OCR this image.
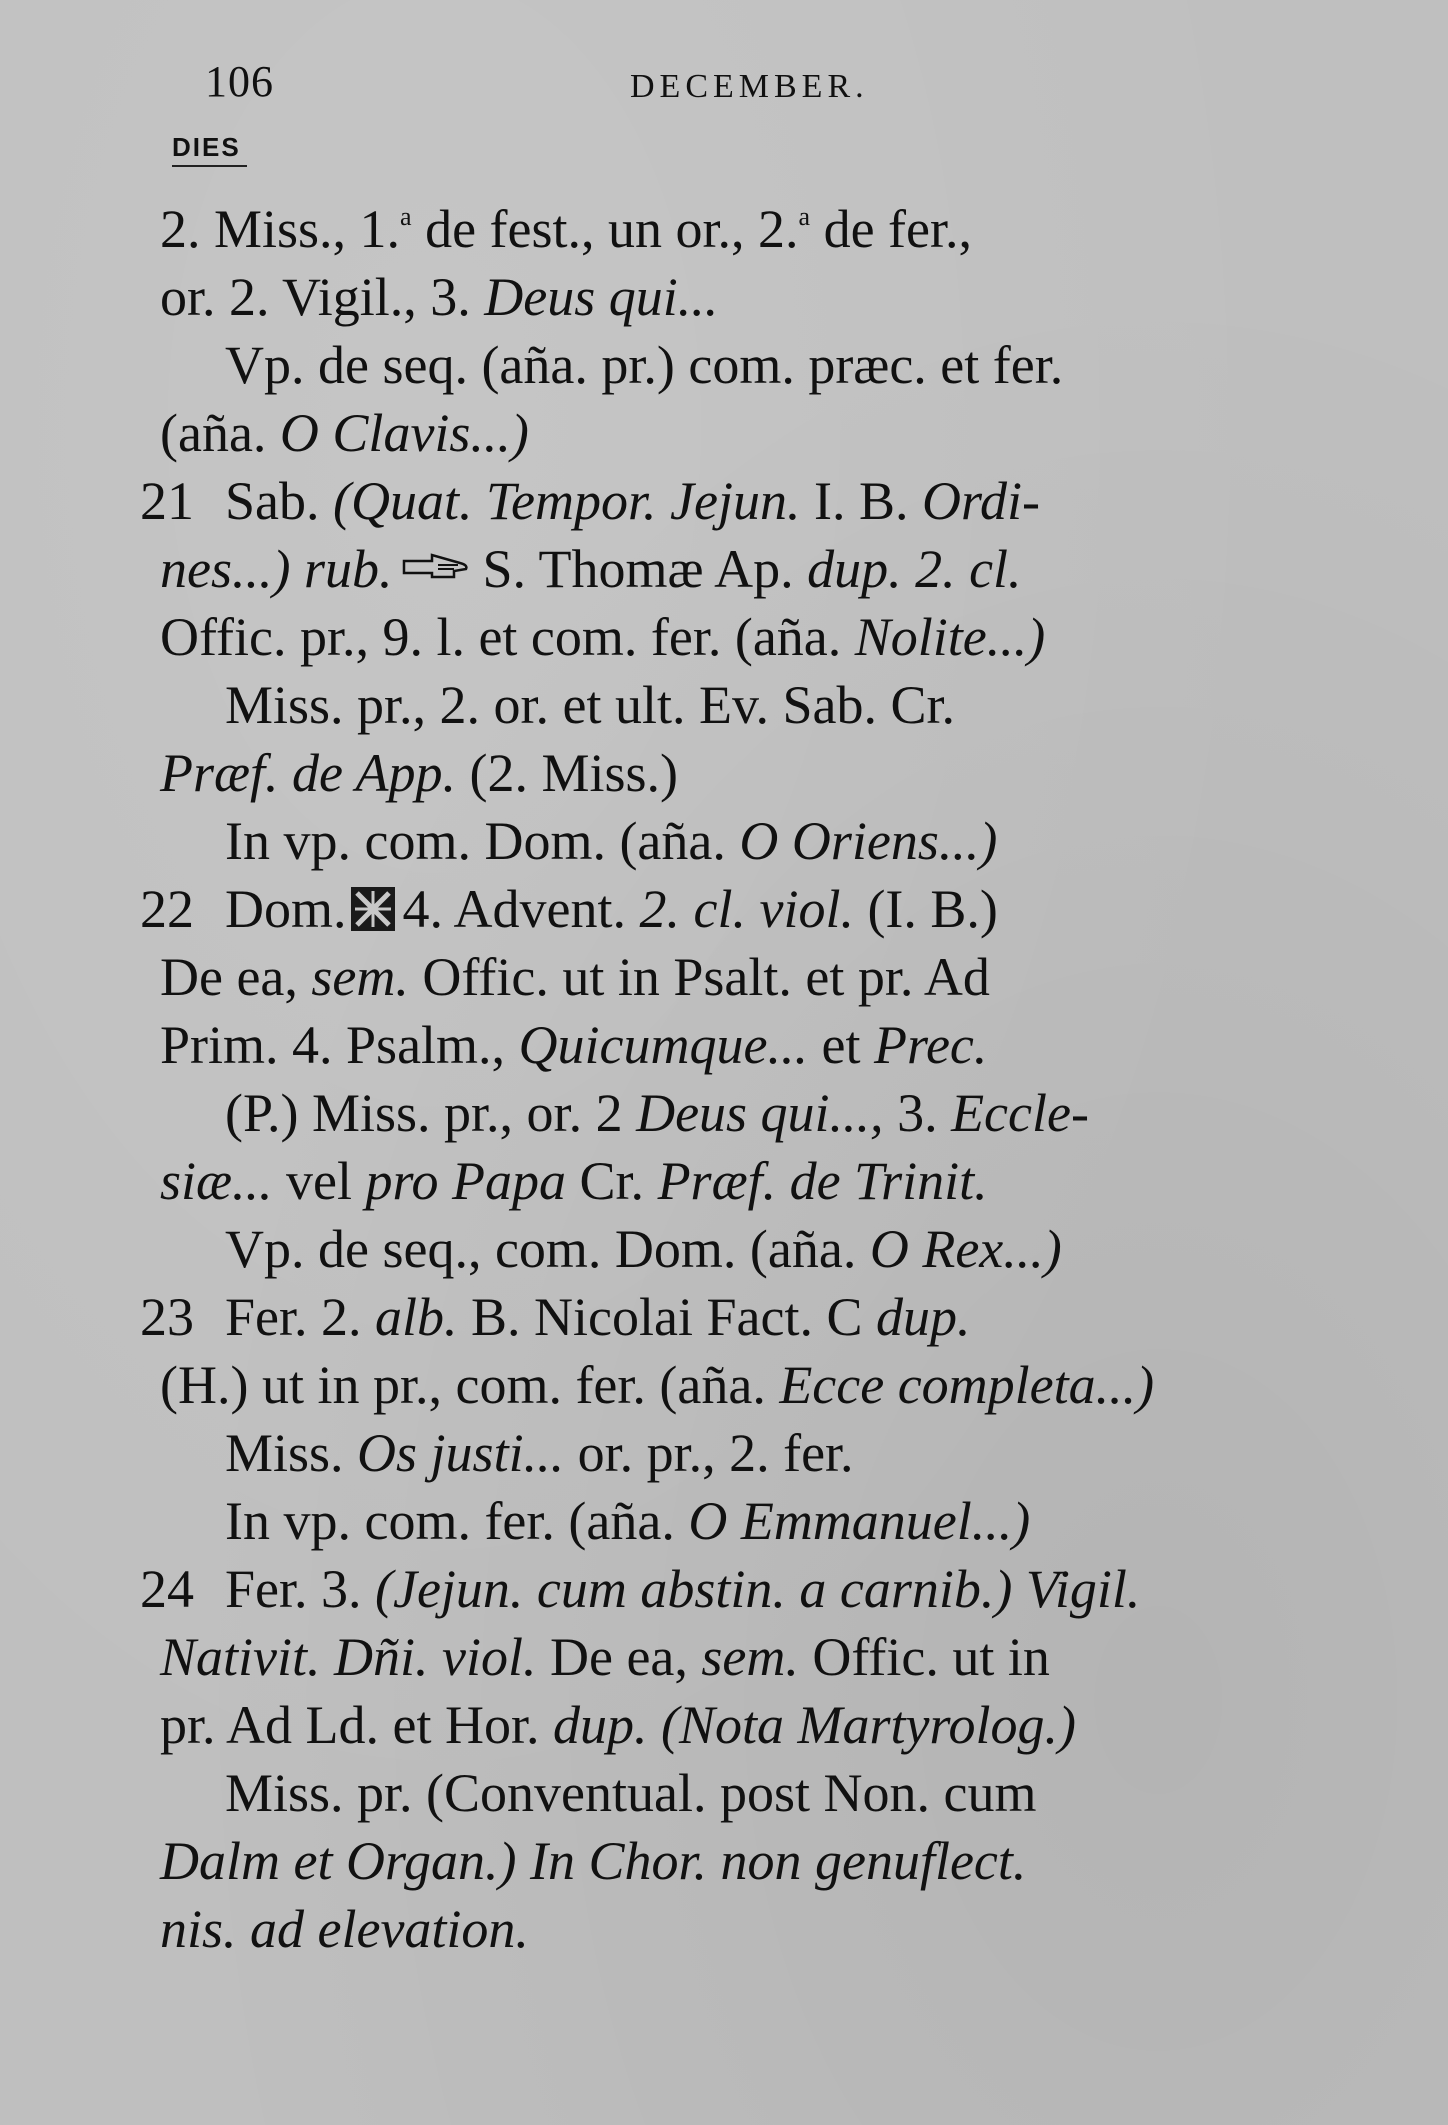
106	DECEMBER.
DIES
2. Miss., 1.$^a$ de fest., un or., 2.$^a$ de fer.,
or. 2. Vigil., 3. Deus qui...
Vp. de seq. (aña. pr.) com. præc. et fer.
(aña. O Clavis...)
21 Sab. (Quat. Tempor. Jejun. I. B. Ordi-
nes...) rub. S. Thomæ Ap. dup. 2. cl.
Offic. pr., 9. l. et com. fer. (aña. Nolite...)
Miss. pr., 2. or. et ult. Ev. Sab. Cr.
Præf. de App. (2. Miss.)
In vp. com. Dom. (aña. O Oriens...)
22 Dom. 4. Advent. 2. cl. viol. (I. B.)
De ea, sem. Offic. ut in Psalt. et pr. Ad
Prim. 4. Psalm., Quicumque... et Prec.
(P.) Miss. pr., or. 2 Deus qui..., 3. Eccle-
siæ... vel pro Papa Cr. Præf. de Trinit.
Vp. de seq., com. Dom. (aña. O Rex...)
23 Fer. 2. alb. B. Nicolai Fact. C dup.
(H.) ut in pr., com. fer. (aña. Ecce completa...)
Miss. Os justi... or. pr., 2. fer.
In vp. com. fer. (aña. O Emmanuel...)
24 Fer. 3. (Jejun. cum abstin. a carnib.) Vigil.
Nativit. Dñi. viol. De ea, sem. Offic. ut in
pr. Ad Ld. et Hor. dup. (Nota Martyrolog.)
Miss. pr. (Conventual. post Non. cum
Dalm et Organ.) In Chor. non genuflect.
nis. ad elevation.
